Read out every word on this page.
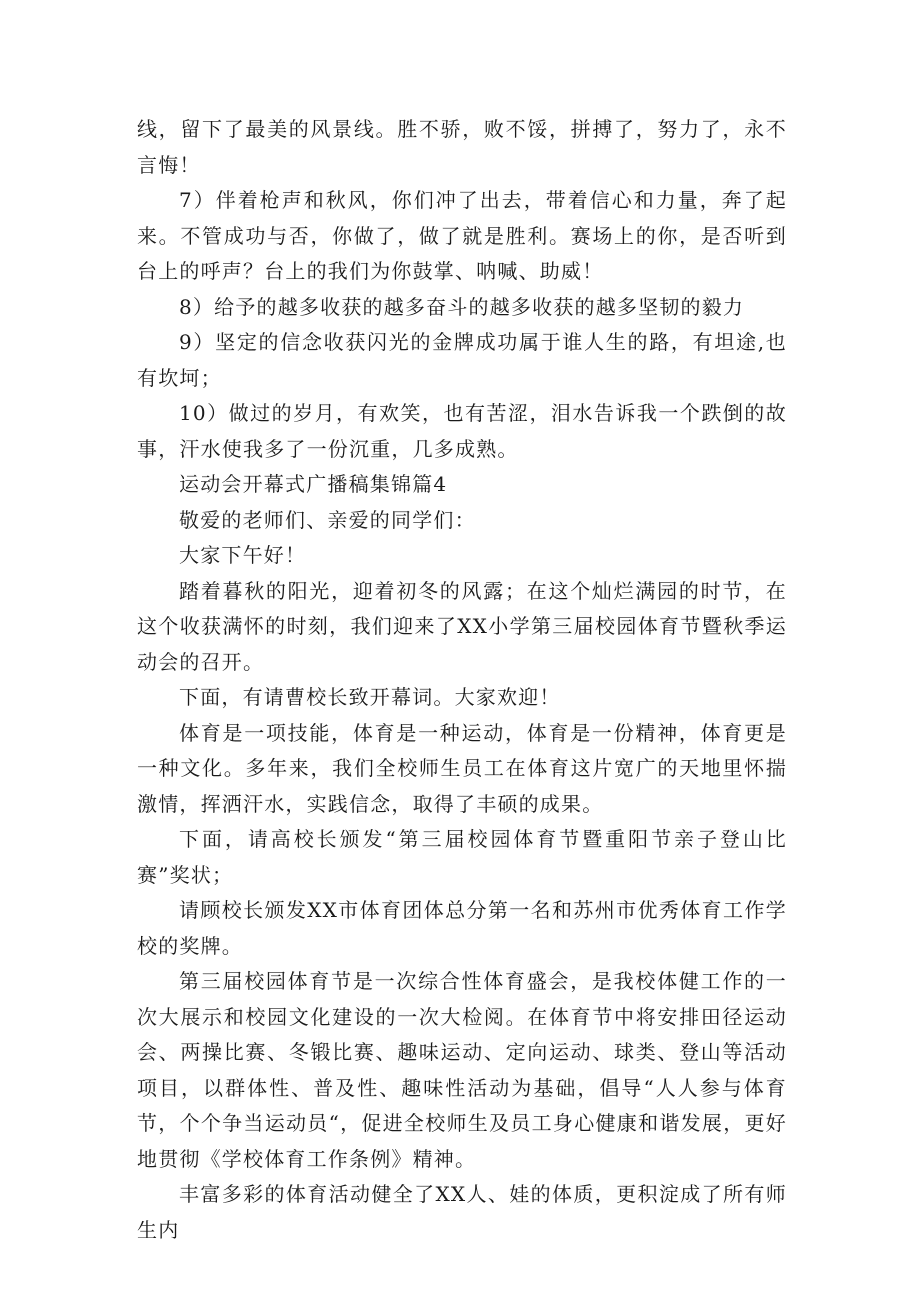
线，留下了最美的风景线。胜不骄，败不馁，拼搏了，努力了，永不言悔！

7）伴着枪声和秋风，你们冲了出去，带着信心和力量，奔了起来。不管成功与否，你做了，做了就是胜利。赛场上的你，是否听到台上的呼声？台上的我们为你鼓掌、呐喊、助威！

8）给予的越多收获的越多奋斗的越多收获的越多坚韧的毅力

9）坚定的信念收获闪光的金牌成功属于谁人生的路，有坦途,也有坎坷；

10）做过的岁月，有欢笑，也有苦涩，泪水告诉我一个跌倒的故事，汗水使我多了一份沉重，几多成熟。

运动会开幕式广播稿集锦篇4

敬爱的老师们、亲爱的同学们：

大家下午好！

踏着暮秋的阳光，迎着初冬的风露；在这个灿烂满园的时节，在这个收获满怀的时刻，我们迎来了XX小学第三届校园体育节暨秋季运动会的召开。

下面，有请曹校长致开幕词。大家欢迎！

体育是一项技能，体育是一种运动，体育是一份精神，体育更是一种文化。多年来，我们全校师生员工在体育这片宽广的天地里怀揣激情，挥洒汗水，实践信念，取得了丰硕的成果。

下面，请高校长颁发“第三届校园体育节暨重阳节亲子登山比赛”奖状；

请顾校长颁发XX市体育团体总分第一名和苏州市优秀体育工作学校的奖牌。

第三届校园体育节是一次综合性体育盛会，是我校体健工作的一次大展示和校园文化建设的一次大检阅。在体育节中将安排田径运动会、两操比赛、冬锻比赛、趣味运动、定向运动、球类、登山等活动项目，以群体性、普及性、趣味性活动为基础，倡导“人人参与体育节，个个争当运动员“，促进全校师生及员工身心健康和谐发展，更好地贯彻《学校体育工作条例》精神。

丰富多彩的体育活动健全了XX人、娃的体质，更积淀成了所有师生内
